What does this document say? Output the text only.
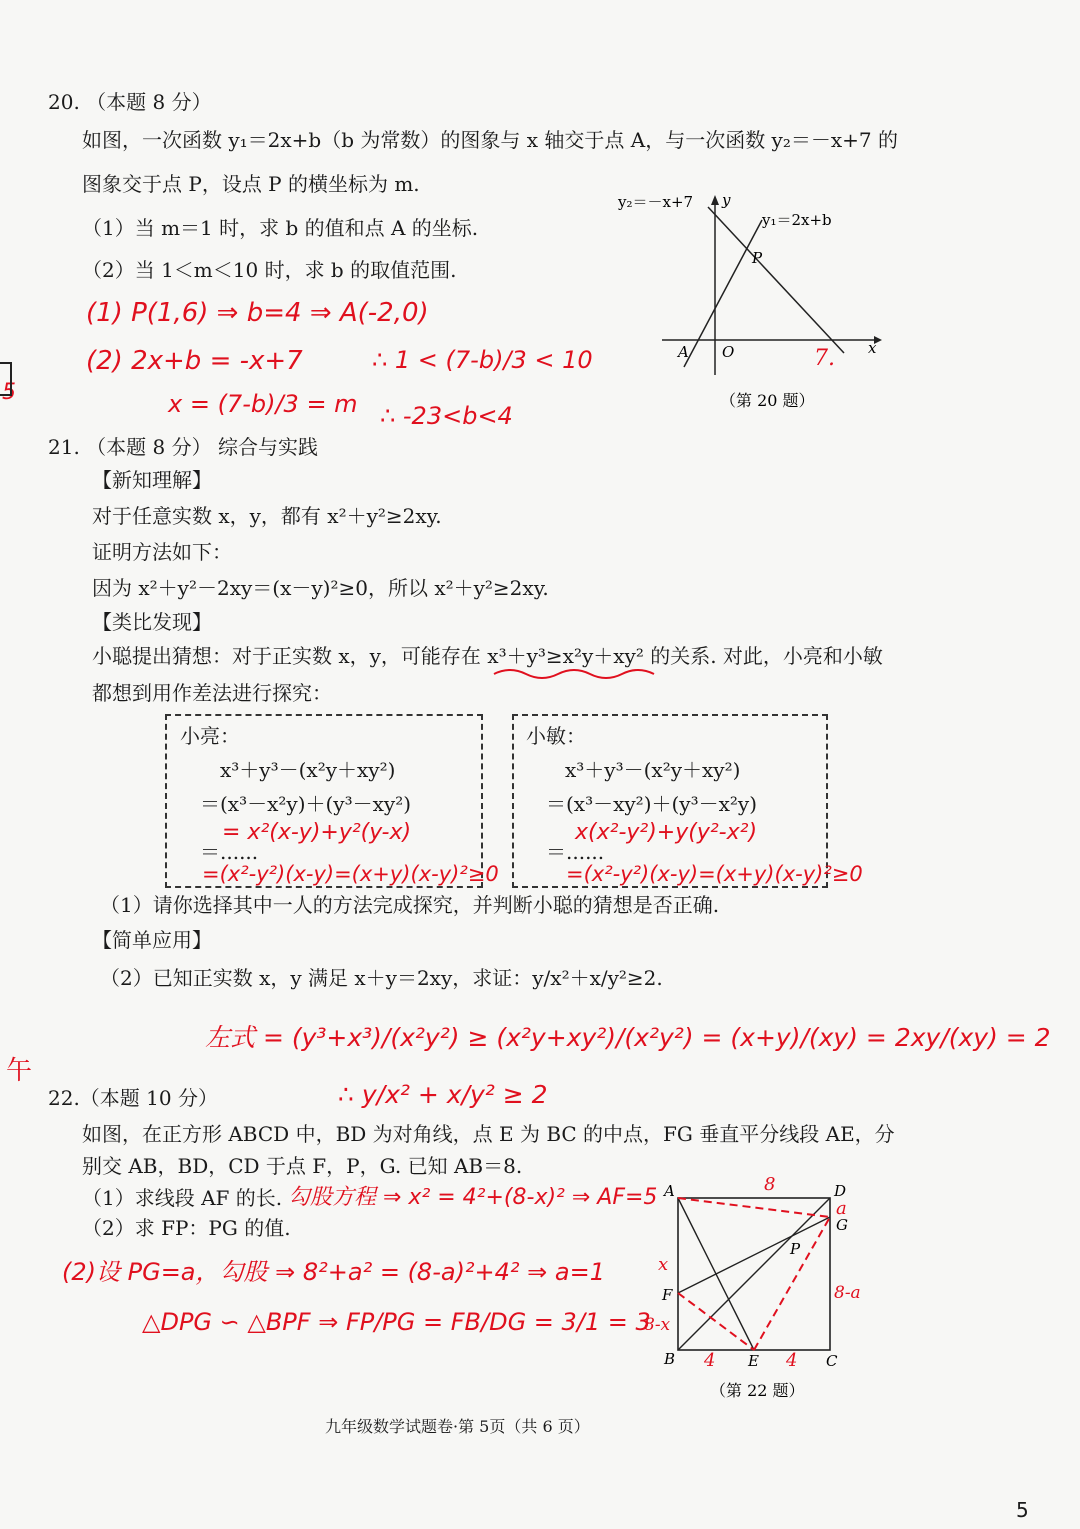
20. （本题 8 分）
如图，一次函数 y₁＝2x+b（b 为常数）的图象与 x 轴交于点 A，与一次函数 y₂＝－x+7 的
图象交于点 P，设点 P 的横坐标为 m.
（1）当 m＝1 时，求 b 的值和点 A 的坐标.
（2）当 1＜m＜10 时，求 b 的取值范围.
(1) P(1,6) ⇒ b=4 ⇒ A(-2,0)
(2) 2x+b = -x+7
x = (7-b)/3 = m
∴ 1 < (7-b)/3 < 10
∴ -23<b<4
y₂＝－x+7 y
y₁＝2x+b
P
A O	x
7.
（第 20 题）
21. （本题 8 分） 综合与实践
【新知理解】
对于任意实数 x，y，都有 x²＋y²≥2xy.
证明方法如下：
因为 x²＋y²－2xy＝(x－y)²≥0，所以 x²＋y²≥2xy.
【类比发现】
小聪提出猜想：对于正实数 x，y，可能存在 x³＋y³≥x²y＋xy² 的关系. 对此，小亮和小敏
都想到用作差法进行探究：
小亮：
x³＋y³－(x²y＋xy²)
＝(x³－x²y)＋(y³－xy²)
= x²(x-y)+y²(y-x)
＝......
=(x²-y²)(x-y)=(x+y)(x-y)²≥0
小敏：
x³＋y³－(x²y＋xy²)
＝(x³－xy²)＋(y³－x²y)
x(x²-y²)+y(y²-x²)
＝......
=(x²-y²)(x-y)=(x+y)(x-y)²≥0
（1）请你选择其中一人的方法完成探究，并判断小聪的猜想是否正确.
【简单应用】
（2）已知正实数 x，y 满足 x＋y＝2xy，求证：y/x²＋x/y²≥2.
左式 = (y³+x³)/(x²y²) ≥ (x²y+xy²)/(x²y²) = (x+y)/(xy) = 2xy/(xy) = 2
∴ y/x² + x/y² ≥ 2
22.（本题 10 分）
如图，在正方形 ABCD 中，BD 为对角线，点 E 为 BC 的中点，FG 垂直平分线段 AE，分
别交 AB，BD，CD 于点 F，P，G. 已知 AB＝8.
（1）求线段 AF 的长.
（2）求 FP：PG 的值.
勾股方程 ⇒ x² = 4²+(8-x)² ⇒ AF=5
(2)设 PG=a，勾股 ⇒ 8²+a² = (8-a)²+4² ⇒ a=1
△DPG ∽ △BPF ⇒ FP/PG = FB/DG = 3/1 = 3
A	D
G
F
P
B	E	C
8
a
x
8-a
8-x
4	4
（第 22 题）
5
午
九年级数学试题卷·第 5页（共 6 页）
5
